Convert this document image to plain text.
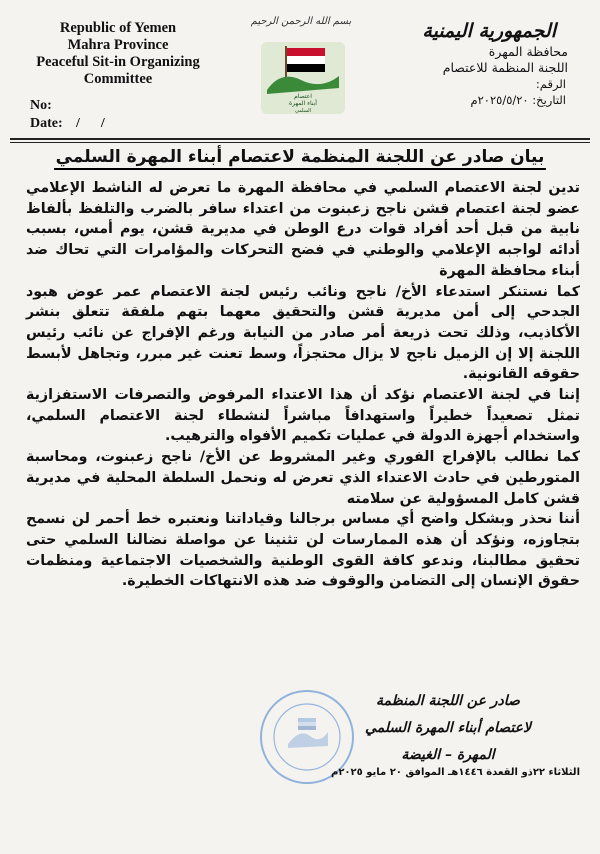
Republic of Yemen
Mahra Province
Peaceful Sit-in Organizing
Committee
No:
Date: /      /
بسم الله الرحمن الرحيم
اعتصام
أبناء المهرة
السلمي
الجمهورية اليمنية
محافظة المهرة
اللجنة المنظمة للاعتصام
الرقم:
التاريخ: ٢٠٢٥/٥/٢٠م
بيان صادر عن اللجنة المنظمة لاعتصام أبناء المهرة السلمي

تدين لجنة الاعتصام السلمي في محافظة المهرة ما تعرض له الناشط الإعلامي عضو لجنة اعتصام قشن ناجح زعبنوت من اعتداء سافر بالضرب والتلفظ بألفاظ نابية من قبل أحد أفراد قوات درع الوطن في مديرية قشن، يوم أمس، بسبب أدائه لواجبه الإعلامي والوطني في فضح التحركات والمؤامرات التي تحاك ضد أبناء محافظة المهرة

كما نستنكر استدعاء الأخ/ ناجح ونائب رئيس لجنة الاعتصام عمر عوض هبود الجدحي إلى أمن مديرية قشن والتحقيق معهما بتهم ملفقة تتعلق بنشر الأكاذيب، وذلك تحت ذريعة أمر صادر من النيابة ورغم الإفراج عن نائب رئيس اللجنة إلا إن الزميل ناجح لا يزال محتجزاً، وسط تعنت غير مبرر، وتجاهل لأبسط حقوقه القانونية.

إننا في لجنة الاعتصام نؤكد أن هذا الاعتداء المرفوض والتصرفات الاستفزازية تمثل تصعيداً خطيراً واستهدافاً مباشراً لنشطاء لجنة الاعتصام السلمي، واستخدام أجهزة الدولة في عمليات تكميم الأفواه والترهيب.

كما نطالب بالإفراج الفوري وغير المشروط عن الأخ/ ناجح زعبنوت، ومحاسبة المتورطين في حادث الاعتداء الذي تعرض له ونحمل السلطة المحلية في مديرية قشن كامل المسؤولية عن سلامته

أننا نحذر وبشكل واضح أي مساس برجالنا وقياداتنا ونعتبره خط أحمر لن نسمح بتجاوزه، ونؤكد أن هذه الممارسات لن تثنينا عن مواصلة نضالنا السلمي حتى تحقيق مطالبنا، وندعو كافة القوى الوطنية والشخصيات الاجتماعية ومنظمات حقوق الإنسان إلى التضامن والوقوف ضد هذه الانتهاكات الخطيرة.

صادر عن اللجنة المنظمة
لاعتصام أبناء المهرة السلمي
المهرة – الغيضة
الثلاثاء ٢٢ذو القعدة ١٤٤٦هـ الموافق ٢٠ مايو ٢٠٢٥م
